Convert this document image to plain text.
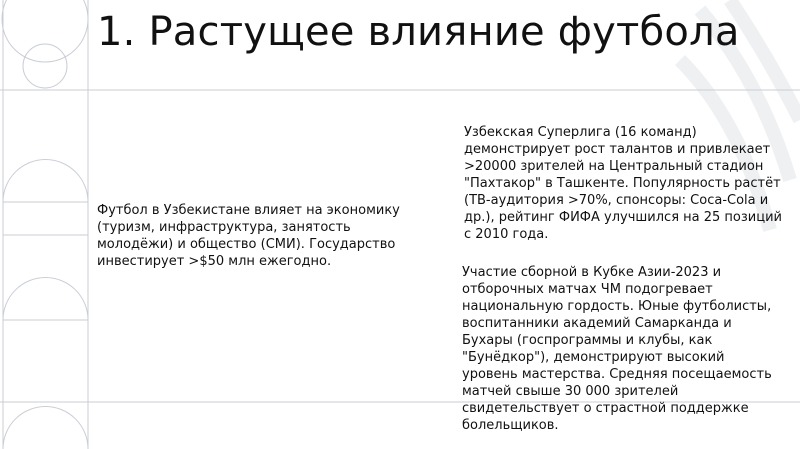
1. Растущее влияние футбола

Футбол в Узбекистане влияет на экономику (туризм, инфраструктура, занятость молодёжи) и общество (СМИ). Государство инвестирует >$50 млн ежегодно.

Узбекская Суперлига (16 команд) демонстрирует рост талантов и привлекает >20000 зрителей на Центральный стадион "Пахтакор" в Ташкенте. Популярность растёт (ТВ-аудитория >70%, спонсоры: Coca-Cola и др.), рейтинг ФИФА улучшился на 25 позиций с 2010 года.

Участие сборной в Кубке Азии-2023 и отборочных матчах ЧМ подогревает национальную гордость. Юные футболисты, воспитанники академий Самарканда и Бухары (госпрограммы и клубы, как "Бунёдкор"), демонстрируют высокий уровень мастерства. Средняя посещаемость матчей свыше 30 000 зрителей свидетельствует о страстной поддержке болельщиков.
